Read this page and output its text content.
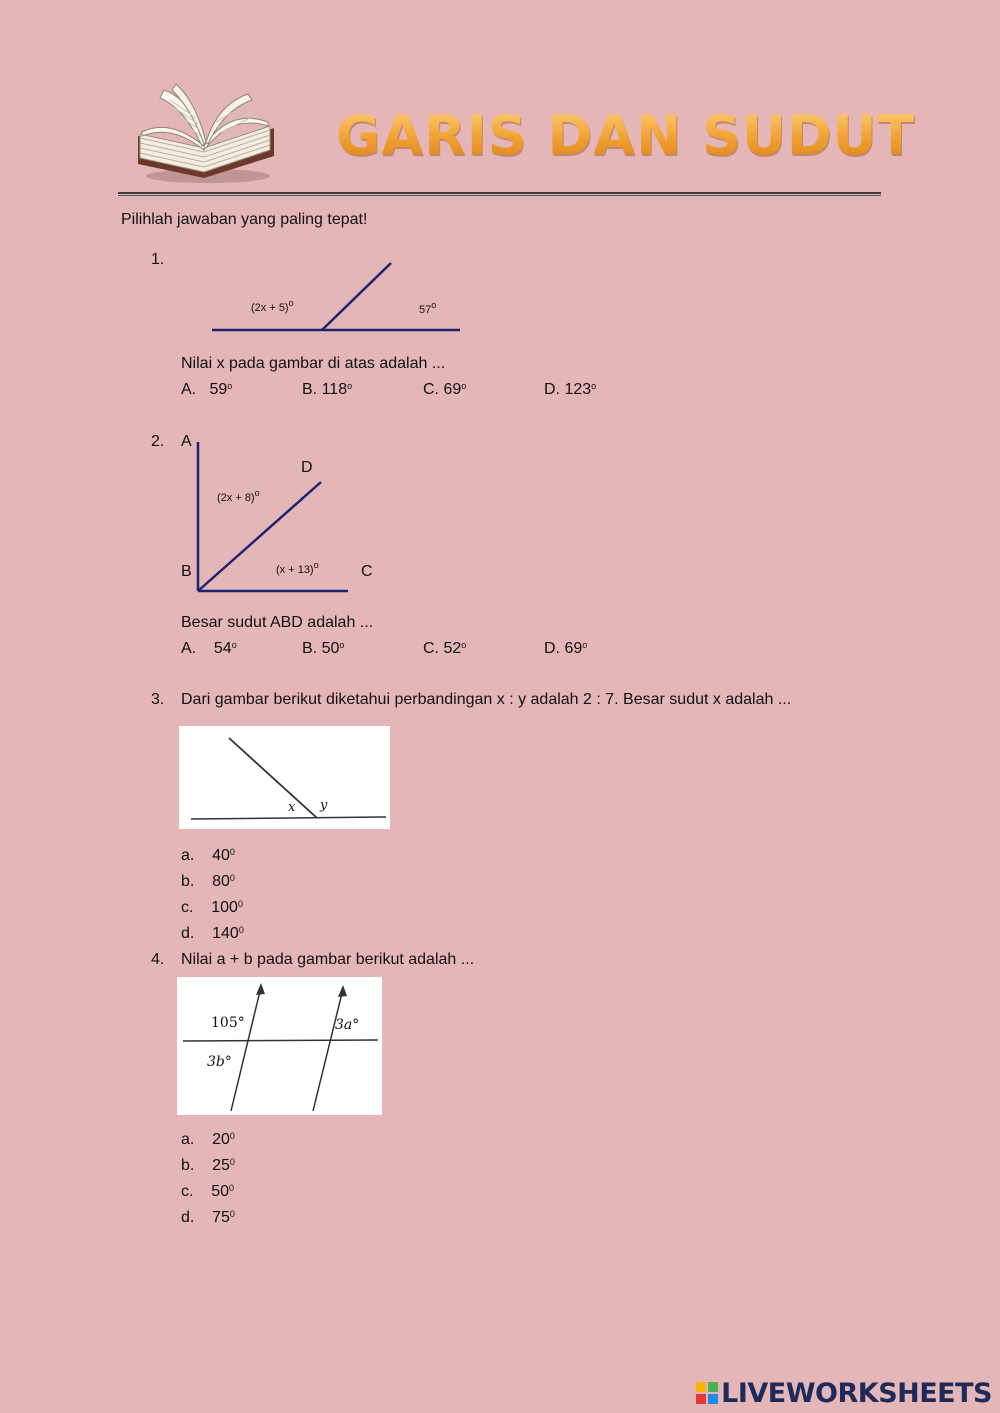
GARIS DAN SUDUT
Pilihlah jawaban yang paling tepat!
1.
$(2x + 5)^o$
57$^o$
Nilai x pada gambar di atas adalah ...
A. 59$^o$	B. 118$^o$	C. 69$^o$	D. 123$^o$
2. A
D
B	C
$(2x + 8)^o$
$(x + 13)^o$
Besar sudut ABD adalah ...
A. 54$^o$	B. 50$^o$	C. 52$^o$	D. 69$^o$
3. Dari gambar berikut diketahui perbandingan x : y adalah 2 : 7. Besar sudut x adalah ...
x y
a. $40^0$
b. $80^0$
c. $100^0$
d. $140^0$
4. Nilai a + b pada gambar berikut adalah ...
105°	3a°
3b°
a. $20^0$
b. $25^0$
c. $50^0$
d. $75^0$
LIVEWORKSHEETS
